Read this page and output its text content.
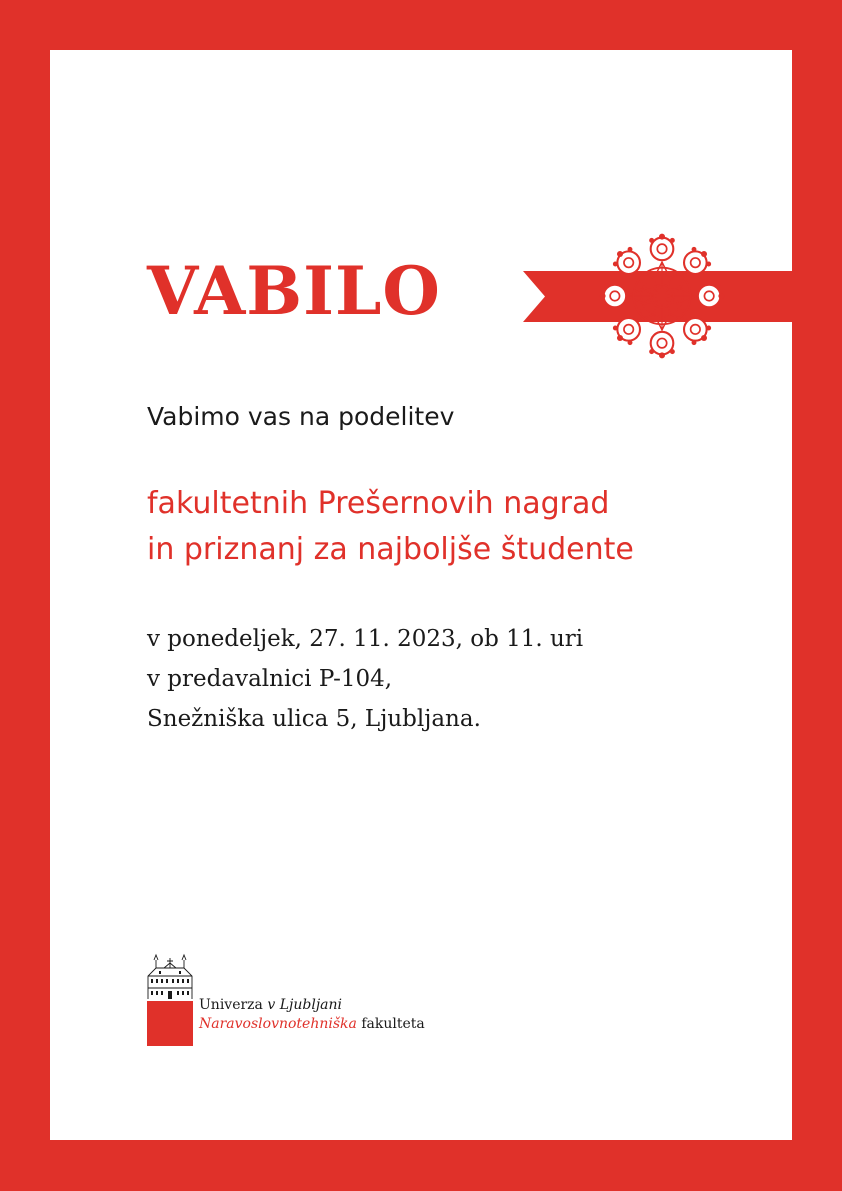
VABILO
Vabimo vas na podelitev
fakultetnih Prešernovih nagrad
in priznanj za najboljše študente
v ponedeljek, 27. 11. 2023, ob 11. uri
v predavalnici P-104,
Snežniška ulica 5, Ljubljana.
Univerza v Ljubljani
Naravoslovnotehniška fakulteta
